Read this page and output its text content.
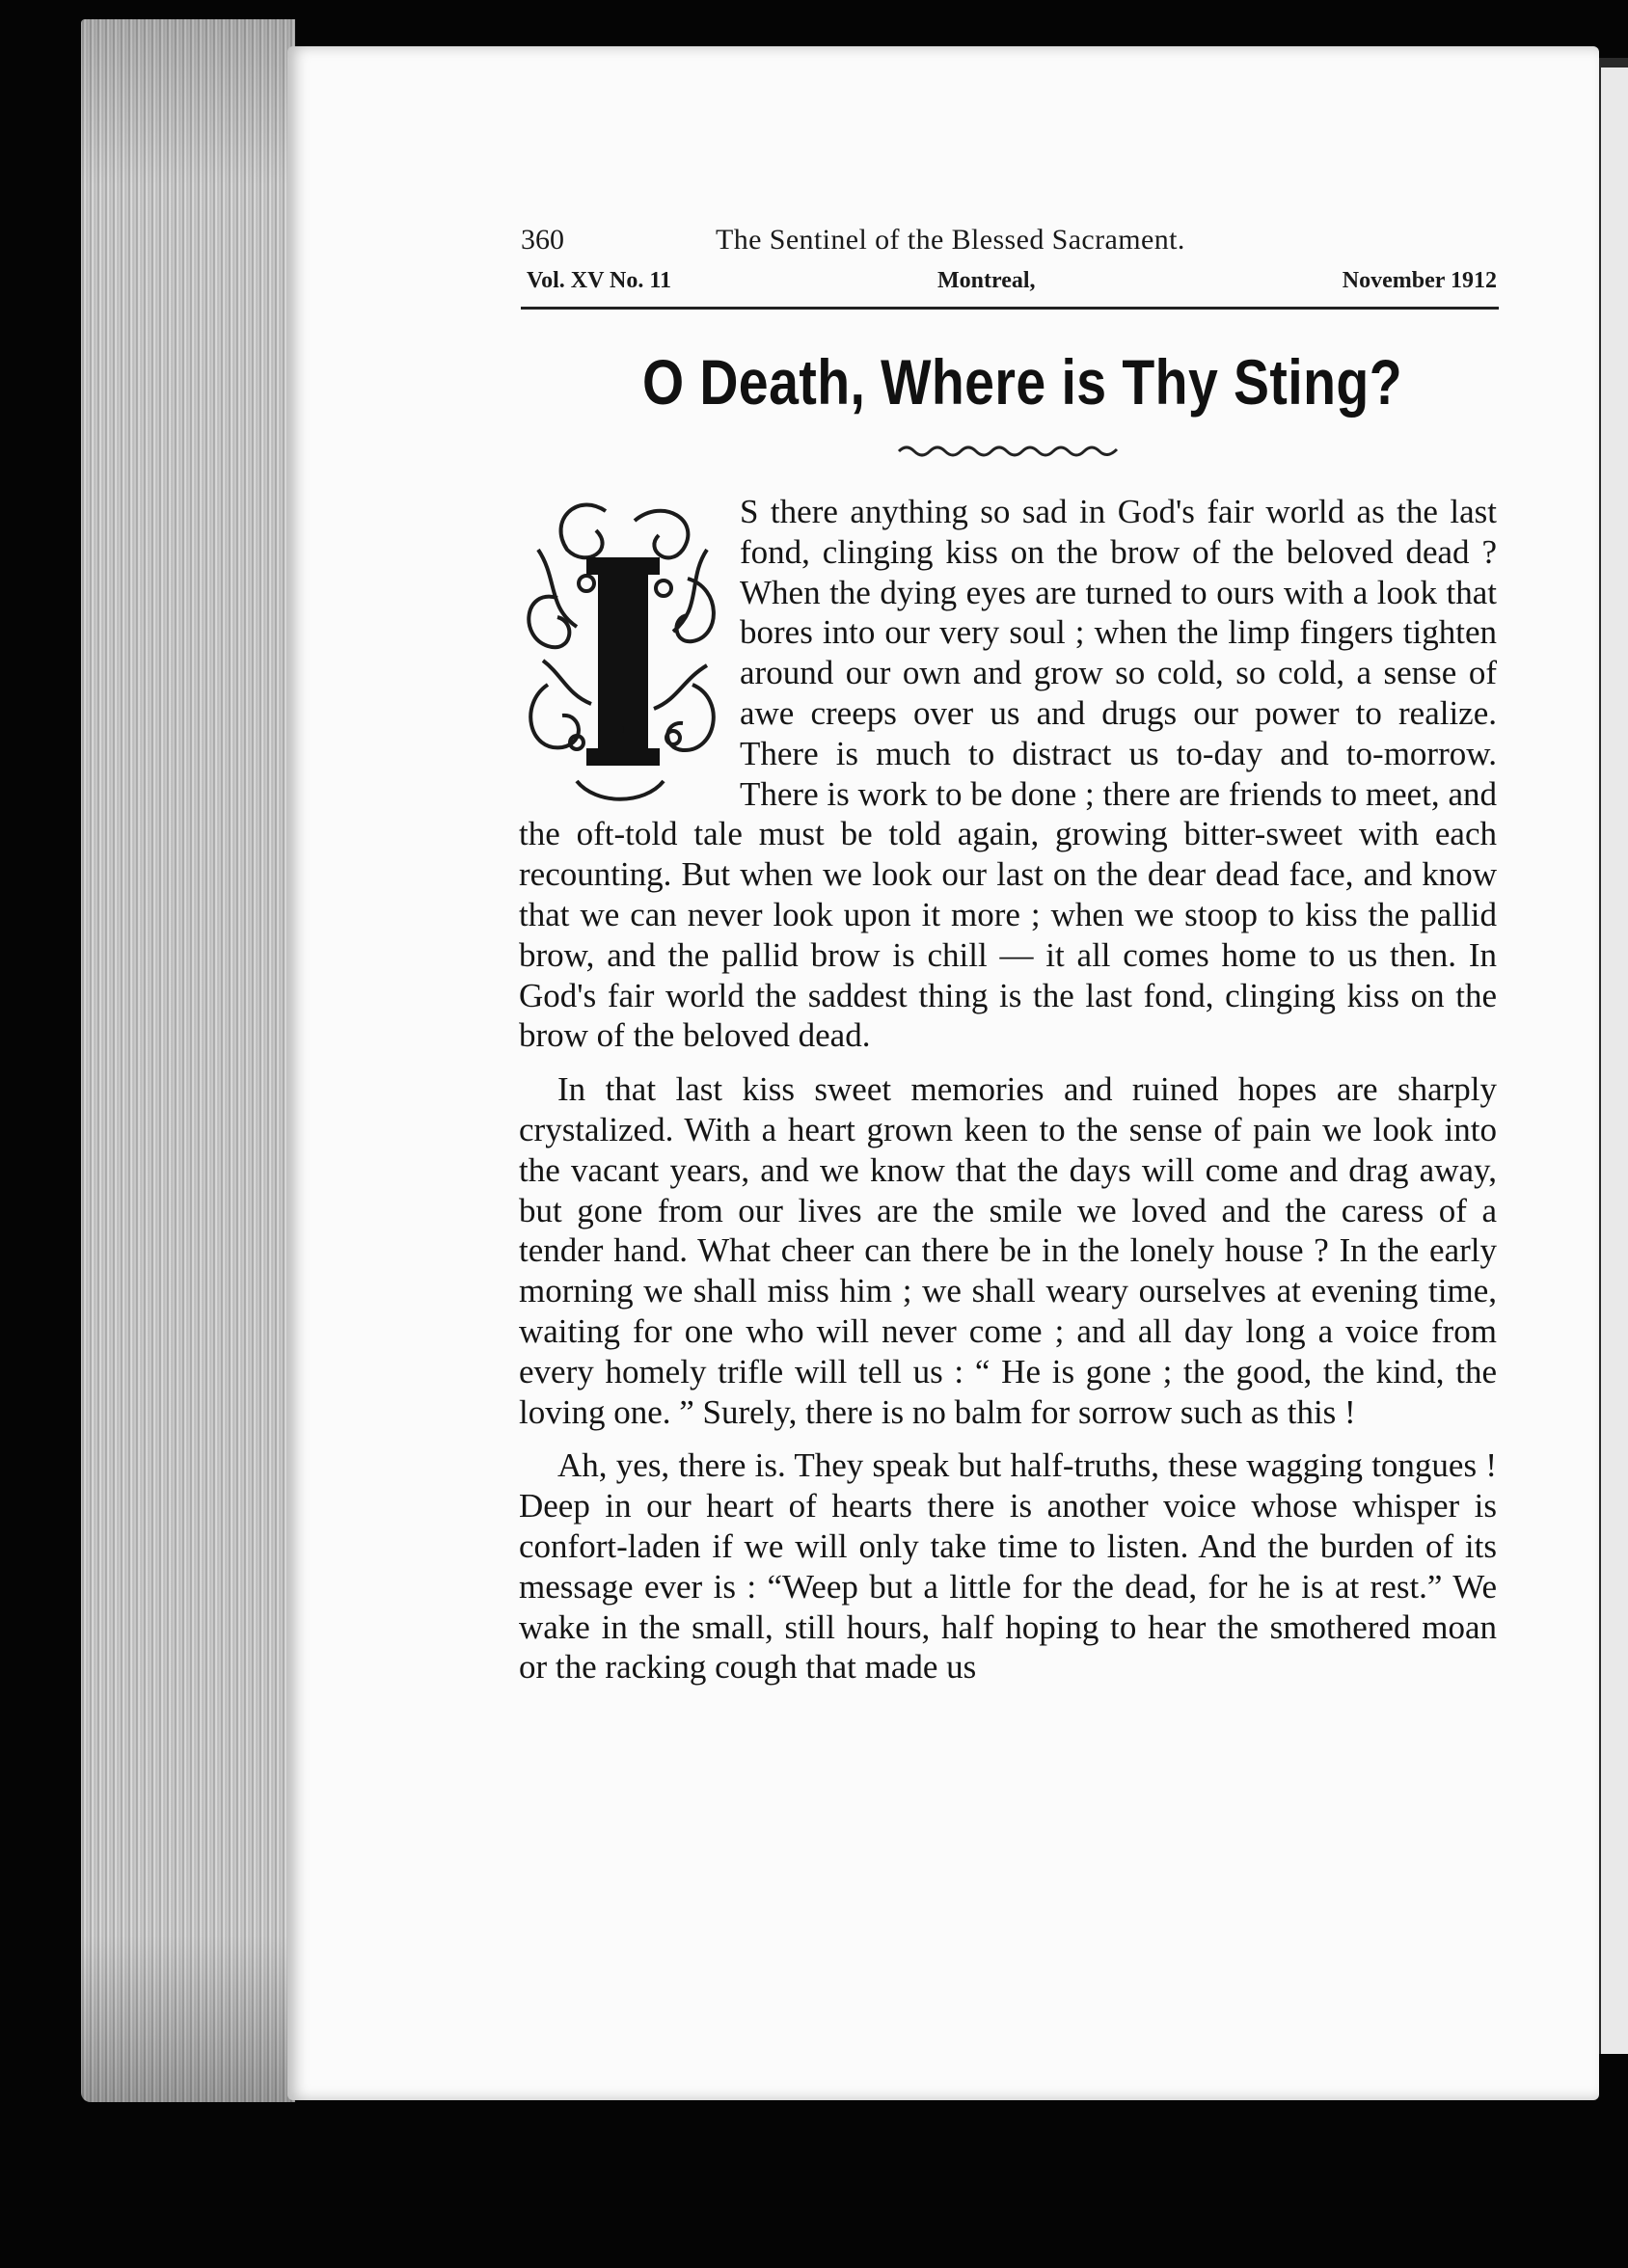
360	The Sentinel of the Blessed Sacrament.
Vol. XV No. 11	Montreal,	November 1912
O Death, Where is Thy Sting?
I

S there anything so sad in God's fair world as the last fond, clinging kiss on the brow of the beloved dead ? When the dying eyes are turned to ours with a look that bores into our very soul ; when the limp fingers tighten around our own and grow so cold, so cold, a sense of awe creeps over us and drugs our power to realize. There is much to distract us to-day and to-morrow. There is work to be done ; there are friends to meet, and the oft-told tale must be told again, growing bitter-sweet with each recounting. But when we look our last on the dear dead face, and know that we can never look upon it more ; when we stoop to kiss the pallid brow, and the pallid brow is chill — it all comes home to us then. In God's fair world the saddest thing is the last fond, clinging kiss on the brow of the beloved dead.

In that last kiss sweet memories and ruined hopes are sharply crystalized. With a heart grown keen to the sense of pain we look into the vacant years, and we know that the days will come and drag away, but gone from our lives are the smile we loved and the caress of a tender hand. What cheer can there be in the lonely house ? In the early morning we shall miss him ; we shall weary ourselves at evening time, waiting for one who will never come ; and all day long a voice from every homely trifle will tell us : “ He is gone ; the good, the kind, the loving one. ” Surely, there is no balm for sorrow such as this !

Ah, yes, there is. They speak but half-truths, these wagging tongues ! Deep in our heart of hearts there is another voice whose whisper is confort-laden if we will only take time to listen. And the burden of its message ever is : “Weep but a little for the dead, for he is at rest.” We wake in the small, still hours, half hoping to hear the smothered moan or the racking cough that made us
